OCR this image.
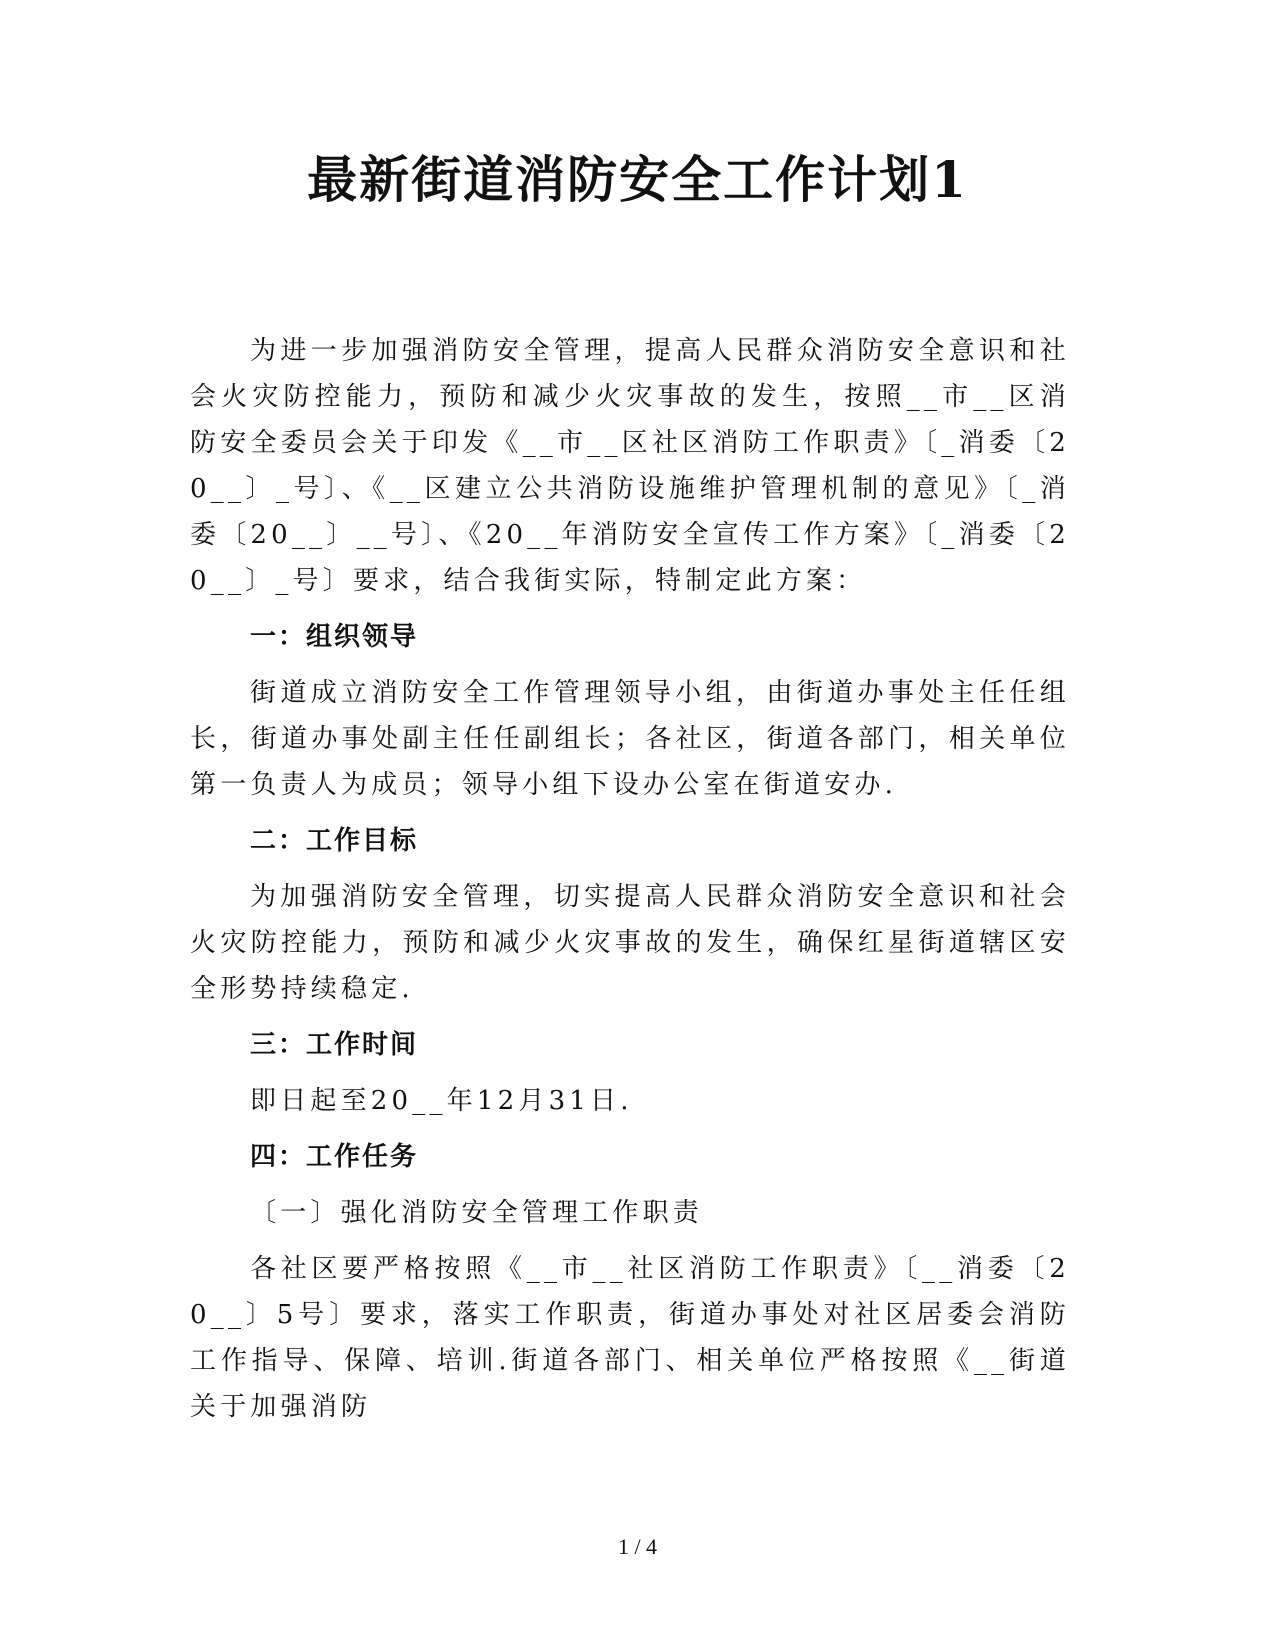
最新街道消防安全工作计划1

为进一步加强消防安全管理，提高人民群众消防安全意识和社会火灾防控能力，预防和减少火灾事故的发生，按照__市__区消防安全委员会关于印发《__市__区社区消防工作职责》〔_消委〔20__〕_号〕、《__区建立公共消防设施维护管理机制的意见》〔_消委〔20__〕__号〕、《20__年消防安全宣传工作方案》〔_消委〔20__〕_号〕要求，结合我街实际，特制定此方案：

一：组织领导

街道成立消防安全工作管理领导小组，由街道办事处主任任组长，街道办事处副主任任副组长；各社区，街道各部门，相关单位第一负责人为成员；领导小组下设办公室在街道安办.

二：工作目标

为加强消防安全管理，切实提高人民群众消防安全意识和社会火灾防控能力，预防和减少火灾事故的发生，确保红星街道辖区安全形势持续稳定.

三：工作时间

即日起至20__年12月31日.

四：工作任务

〔一〕强化消防安全管理工作职责

各社区要严格按照《__市__社区消防工作职责》〔__消委〔20__〕5号〕要求，落实工作职责，街道办事处对社区居委会消防工作指导、保障、培训.街道各部门、相关单位严格按照《__街道关于加强消防

1 / 4
